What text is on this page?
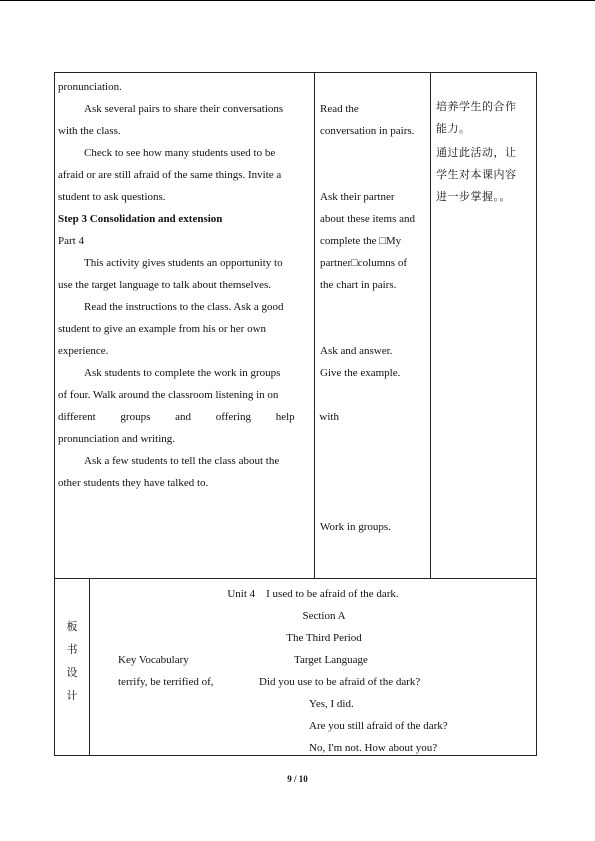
pronunciation.
Ask several pairs to share their conversations
with the class.
Check to see how many students used to be
afraid or are still afraid of the same things. Invite a
student to ask questions.
Step 3 Consolidation and extension
Part 4
This activity gives students an opportunity to
use the target language to talk about themselves.
Read the instructions to the class. Ask a good
student to give an example from his or her own
experience.
Ask students to complete the work in groups
of four. Walk around the classroom listening in on
different groups and offering help with
pronunciation and writing.
Ask a few students to tell the class about the
other students they have talked to.
Read the
conversation in pairs.
Ask their partner
about these items and
complete the □My
partner□columns of
the chart in pairs.
Ask and answer.
Give the example.
Work in groups.
培养学生的合作
能力。
通过此活动，让
学生对本课内容
进一步掌握。。
板
书
设
计
Unit 4    I used to be afraid of the dark.
Section A
The Third Period
Key Vocabulary	Target Language
terrify, be terrified of,	Did you use to be afraid of the dark?
Yes, I did.
Are you still afraid of the dark?
No, I'm not. How about you?
9 / 10
